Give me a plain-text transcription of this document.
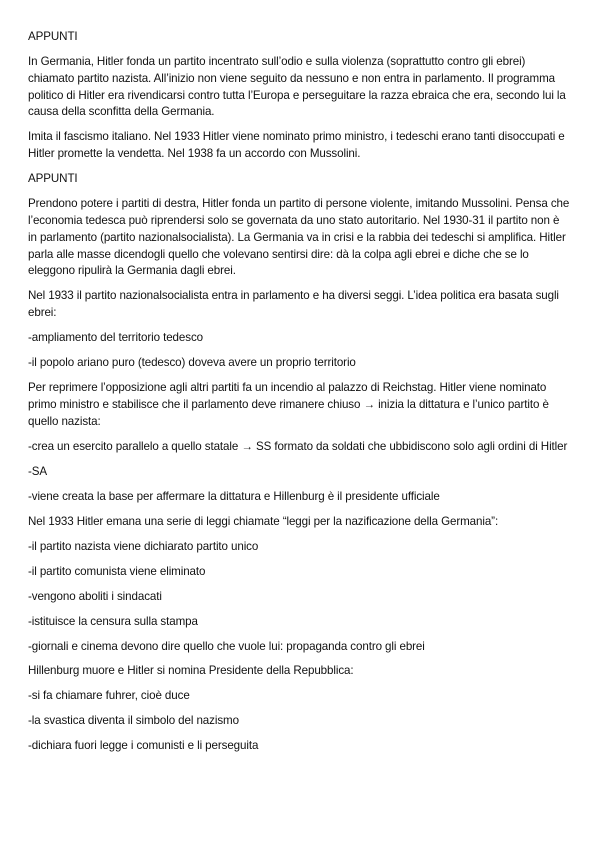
APPUNTI

In Germania, Hitler fonda un partito incentrato sull’odio e sulla violenza (soprattutto contro gli ebrei) chiamato partito nazista. All’inizio non viene seguito da nessuno e non entra in parlamento. Il programma politico di Hitler era rivendicarsi contro tutta l’Europa e perseguitare la razza ebraica che era, secondo lui la causa della sconfitta della Germania.

Imita il fascismo italiano. Nel 1933 Hitler viene nominato primo ministro, i tedeschi erano tanti disoccupati e Hitler promette la vendetta. Nel 1938 fa un accordo con Mussolini.

APPUNTI

Prendono potere i partiti di destra, Hitler fonda un partito di persone violente, imitando Mussolini. Pensa che l’economia tedesca può riprendersi solo se governata da uno stato autoritario. Nel 1930-31 il partito non è in parlamento (partito nazionalsocialista). La Germania va in crisi e la rabbia dei tedeschi si amplifica. Hitler parla alle masse dicendogli quello che volevano sentirsi dire: dà la colpa agli ebrei e diche che se lo eleggono ripulirà la Germania dagli ebrei.

Nel 1933 il partito nazionalsocialista entra in parlamento e ha diversi seggi. L’idea politica era basata sugli ebrei:

-ampliamento del territorio tedesco

-il popolo ariano puro (tedesco) doveva avere un proprio territorio

Per reprimere l’opposizione agli altri partiti fa un incendio al palazzo di Reichstag. Hitler viene nominato primo ministro e stabilisce che il parlamento deve rimanere chiuso → inizia la dittatura e l’unico partito è quello nazista:

-crea un esercito parallelo a quello statale → SS formato da soldati che ubbidiscono solo agli ordini di Hitler

-SA

-viene creata la base per affermare la dittatura e Hillenburg è il presidente ufficiale

Nel 1933 Hitler emana una serie di leggi chiamate “leggi per la nazificazione della Germania”:

-il partito nazista viene dichiarato partito unico

-il partito comunista viene eliminato

-vengono aboliti i sindacati

-istituisce la censura sulla stampa

-giornali e cinema devono dire quello che vuole lui: propaganda contro gli ebrei

Hillenburg muore e Hitler si nomina Presidente della Repubblica:

-si fa chiamare fuhrer, cioè duce

-la svastica diventa il simbolo del nazismo

-dichiara fuori legge i comunisti e li perseguita
